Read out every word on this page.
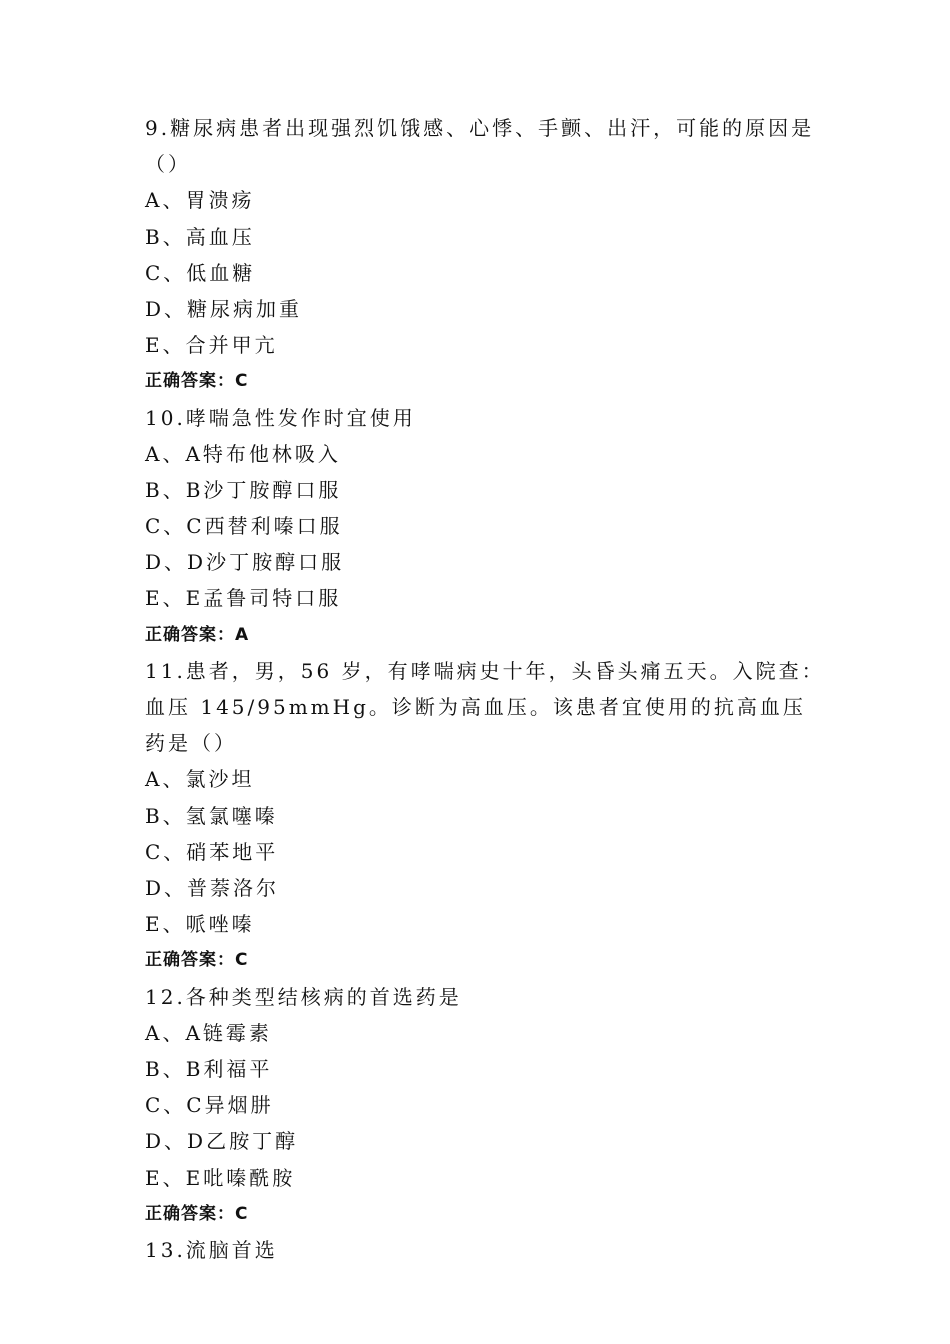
9.糖尿病患者出现强烈饥饿感、心悸、手颤、出汗，可能的原因是（）
A、胃溃疡
B、高血压
C、低血糖
D、糖尿病加重
E、合并甲亢
正确答案：C
10.哮喘急性发作时宜使用
A、A特布他林吸入
B、B沙丁胺醇口服
C、C西替利嗪口服
D、D沙丁胺醇口服
E、E孟鲁司特口服
正确答案：A
11.患者，男，56 岁，有哮喘病史十年，头昏头痛五天。入院查：血压 145/95mmHg。诊断为高血压。该患者宜使用的抗高血压药是（）
A、氯沙坦
B、氢氯噻嗪
C、硝苯地平
D、普萘洛尔
E、哌唑嗪
正确答案：C
12.各种类型结核病的首选药是
A、A链霉素
B、B利福平
C、C异烟肼
D、D乙胺丁醇
E、E吡嗪酰胺
正确答案：C
13.流脑首选
